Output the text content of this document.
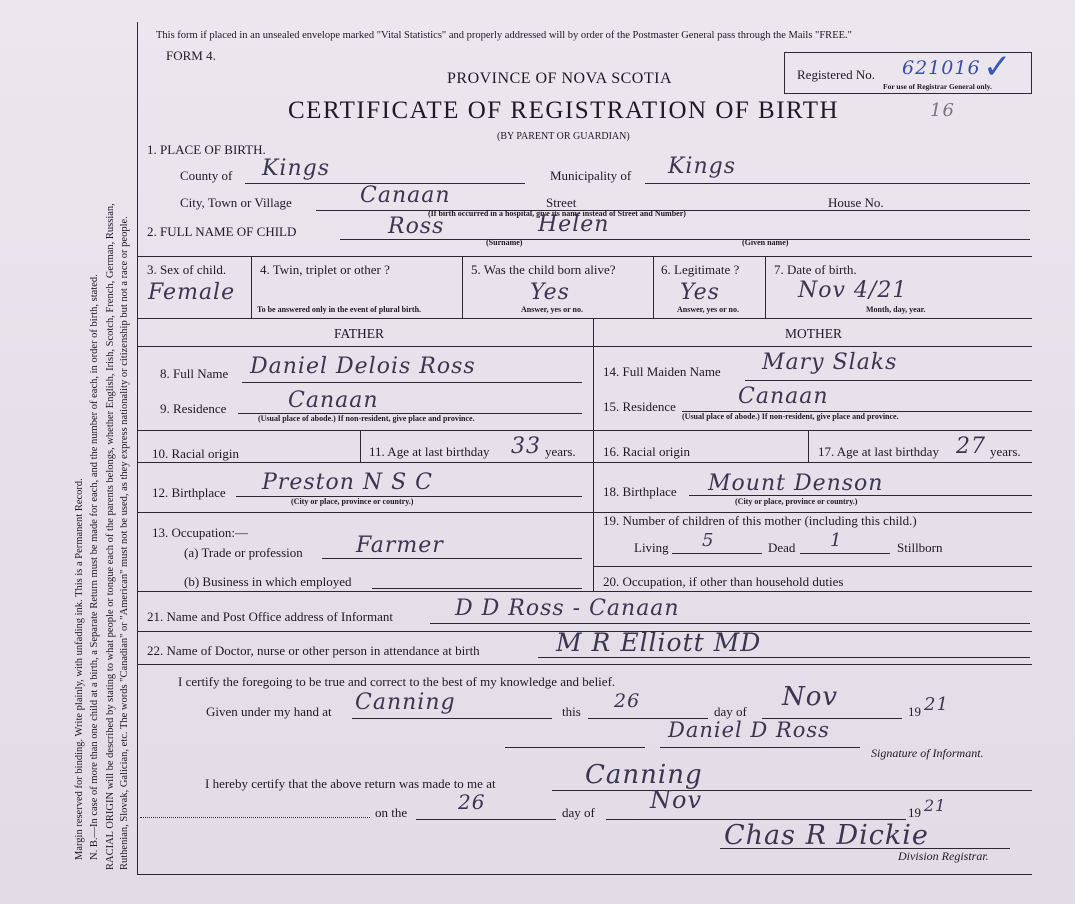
Margin reserved for binding. Write plainly, with unfading ink. This is a Permanent Record. N. B.—In case of more than one child at a birth, a Separate Return must be made for each, and the number of each, in order of birth, stated. RACIAL ORIGIN will be described by stating to what people or tongue each of the parents belongs, whether English, Irish, Scotch, French, German, Russian, Ruthenian, Slovak, Galician, etc. The words "Canadian" or "American" must not be used, as they express nationality or citizenship but not a race or people.
This form if placed in an unsealed envelope marked "Vital Statistics" and properly addressed will by order of the Postmaster General pass through the Mails "FREE."
FORM 4.
PROVINCE OF NOVA SCOTIA
CERTIFICATE OF REGISTRATION OF BIRTH	16
(BY PARENT OR GUARDIAN)
Registered No. 621016
For use of Registrar General only.
✓
1. PLACE OF BIRTH.
County of Kings	Municipality of Kings
City, Town or Village	Canaan	Street	House No.
(If birth occurred in a hospital, give its name instead of Street and Number)
2. FULL NAME OF CHILD	Ross	Helen
(Surname)	(Given name)
3. Sex of child.
Female
4. Twin, triplet or other ?
To be answered only in the event of plural birth.
5. Was the child born alive?
Yes
Answer, yes or no.
6. Legitimate ?
Yes
Answer, yes or no.
7. Date of birth.
Nov 4/21
Month, day, year.
FATHER	MOTHER
8. Full Name Daniel Delois Ross
9. Residence	Canaan
(Usual place of abode.) If non-resident, give place and province.
10. Racial origin	11. Age at last birthday 33 years.
12. Birthplace Preston N S C
(City or place, province or country.)
13. Occupation:—
(a) Trade or profession Farmer
(b) Business in which employed
14. Full Maiden Name Mary Slaks
15. Residence	Canaan
(Usual place of abode.) If non-resident, give place and province.
16. Racial origin	17. Age at last birthday 27 years.
18. Birthplace Mount Denson
(City or place, province or country.)
19. Number of children of this mother (including this child.)
Living 5	Dead 1	Stillborn
20. Occupation, if other than household duties
21. Name and Post Office address of Informant	D D Ross - Canaan
22. Name of Doctor, nurse or other person in attendance at birth	M R Elliott MD
I certify the foregoing to be true and correct to the best of my knowledge and belief.
Given under my hand at Canning	this 26	day of Nov	19 21
Daniel D Ross
Signature of Informant.
I hereby certify that the above return was made to me at	Canning
on the	26	day of Nov	19 21
Chas R Dickie
Division Registrar.
